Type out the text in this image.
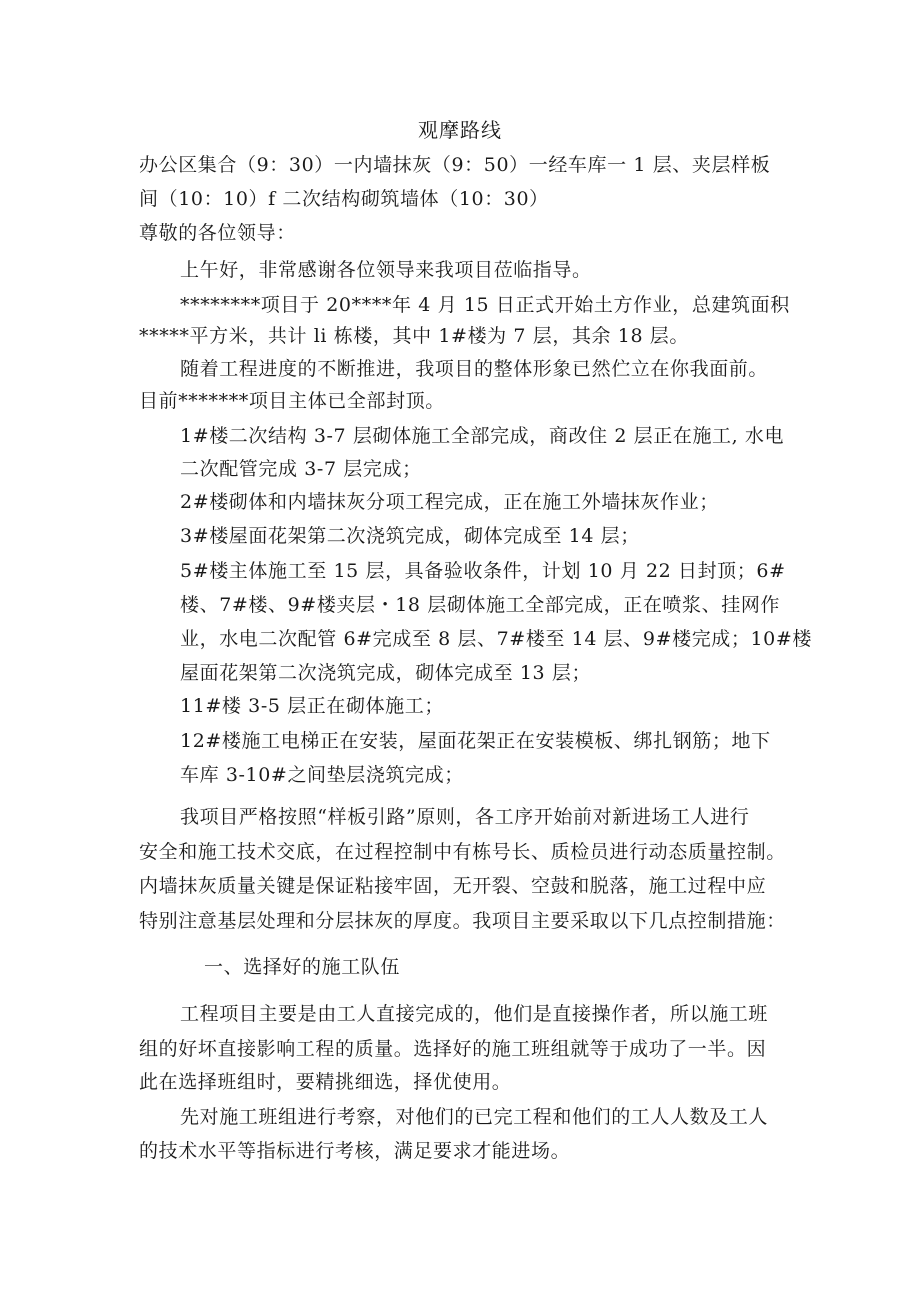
观摩路线
办公区集合（9：30）一内墙抹灰（9：50）一经车库一 1 层、夹层样板
间（10：10）f 二次结构砌筑墙体（10：30）
尊敬的各位领导：
上午好，非常感谢各位领导来我项目莅临指导。
********项目于 20****年 4 月 15 日正式开始土方作业，总建筑面积
*****平方米，共计 li 栋楼，其中 1#楼为 7 层，其余 18 层。
随着工程进度的不断推进，我项目的整体形象已然伫立在你我面前。
目前*******项目主体已全部封顶。
1#楼二次结构 3-7 层砌体施工全部完成，商改住 2 层正在施工, 水电
二次配管完成 3-7 层完成；
2#楼砌体和内墙抹灰分项工程完成，正在施工外墙抹灰作业；
3#楼屋面花架第二次浇筑完成，砌体完成至 14 层；
5#楼主体施工至 15 层，具备验收条件，计划 10 月 22 日封顶；6#
楼、7#楼、9#楼夹层・18 层砌体施工全部完成，正在喷浆、挂网作
业，水电二次配管 6#完成至 8 层、7#楼至 14 层、9#楼完成；10#楼
屋面花架第二次浇筑完成，砌体完成至 13 层；
11#楼 3-5 层正在砌体施工；
12#楼施工电梯正在安装，屋面花架正在安装模板、绑扎钢筋；地下
车库 3-10#之间垫层浇筑完成；
我项目严格按照“样板引路”原则，各工序开始前对新进场工人进行
安全和施工技术交底，在过程控制中有栋号长、质检员进行动态质量控制。
内墙抹灰质量关键是保证粘接牢固，无开裂、空鼓和脱落，施工过程中应
特别注意基层处理和分层抹灰的厚度。我项目主要采取以下几点控制措施：
一、选择好的施工队伍
工程项目主要是由工人直接完成的，他们是直接操作者，所以施工班
组的好坏直接影响工程的质量。选择好的施工班组就等于成功了一半。因
此在选择班组时，要精挑细选，择优使用。
先对施工班组进行考察，对他们的已完工程和他们的工人人数及工人
的技术水平等指标进行考核，满足要求才能进场。
